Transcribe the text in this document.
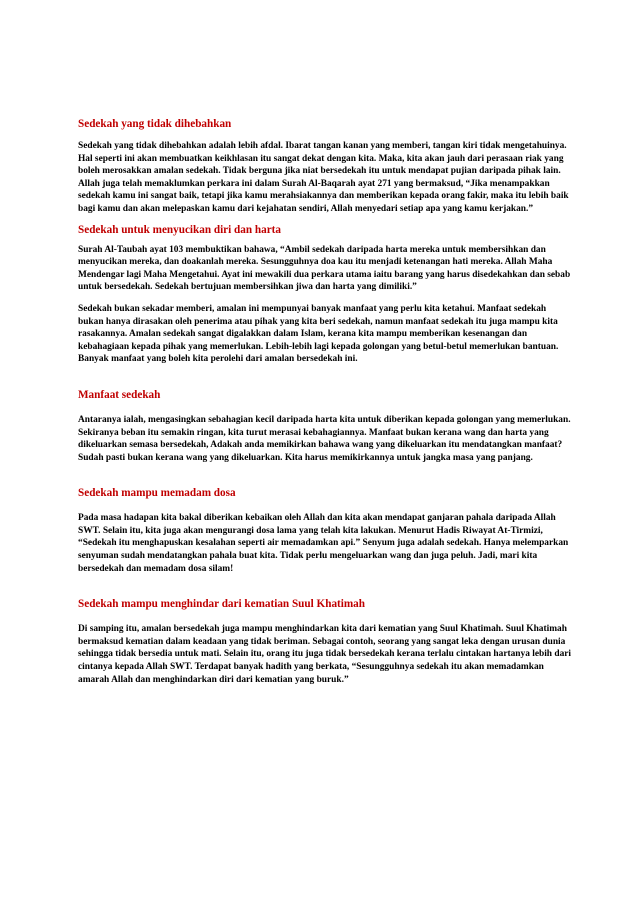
Sedekah yang tidak dihebahkan

Sedekah yang tidak dihebahkan adalah lebih afdal. Ibarat tangan kanan yang memberi, tangan kiri tidak mengetahuinya. Hal seperti ini akan membuatkan keikhlasan itu sangat dekat dengan kita. Maka, kita akan jauh dari perasaan riak yang boleh merosakkan amalan sedekah. Tidak berguna jika niat bersedekah itu untuk mendapat pujian daripada pihak lain. Allah juga telah memaklumkan perkara ini dalam Surah Al-Baqarah ayat 271 yang bermaksud, “Jika menampakkan sedekah kamu ini sangat baik, tetapi jika kamu merahsiakannya dan memberikan kepada orang fakir, maka itu lebih baik bagi kamu dan akan melepaskan kamu dari kejahatan sendiri, Allah menyedari setiap apa yang kamu kerjakan.”

Sedekah untuk menyucikan diri dan harta

Surah Al-Taubah ayat 103 membuktikan bahawa, “Ambil sedekah daripada harta mereka untuk membersihkan dan menyucikan mereka, dan doakanlah mereka. Sesungguhnya doa kau itu menjadi ketenangan hati mereka. Allah Maha Mendengar lagi Maha Mengetahui. Ayat ini mewakili dua perkara utama iaitu barang yang harus disedekahkan dan sebab untuk bersedekah. Sedekah bertujuan membersihkan jiwa dan harta yang dimiliki.”

Sedekah bukan sekadar memberi, amalan ini mempunyai banyak manfaat yang perlu kita ketahui. Manfaat sedekah bukan hanya dirasakan oleh penerima atau pihak yang kita beri sedekah, namun manfaat sedekah itu juga mampu kita rasakannya. Amalan sedekah sangat digalakkan dalam Islam, kerana kita mampu memberikan kesenangan dan kebahagiaan kepada pihak yang memerlukan. Lebih-lebih lagi kepada golongan yang betul-betul memerlukan bantuan. Banyak manfaat yang boleh kita perolehi dari amalan bersedekah ini.

Manfaat sedekah

Antaranya ialah, mengasingkan sebahagian kecil daripada harta kita untuk diberikan kepada golongan yang memerlukan. Sekiranya beban itu semakin ringan, kita turut merasai kebahagiannya. Manfaat bukan kerana wang dan harta yang dikeluarkan semasa bersedekah, Adakah anda memikirkan bahawa wang yang dikeluarkan itu mendatangkan manfaat? Sudah pasti bukan kerana wang yang dikeluarkan. Kita harus memikirkannya untuk jangka masa yang panjang.

Sedekah mampu memadam dosa

Pada masa hadapan kita bakal diberikan kebaikan oleh Allah dan kita akan mendapat ganjaran pahala daripada Allah SWT. Selain itu, kita juga akan mengurangi dosa lama yang telah kita lakukan. Menurut Hadis Riwayat At-Tirmizi, “Sedekah itu menghapuskan kesalahan seperti air memadamkan api.” Senyum juga adalah sedekah. Hanya melemparkan senyuman sudah mendatangkan pahala buat kita. Tidak perlu mengeluarkan wang dan juga peluh. Jadi, mari kita bersedekah dan memadam dosa silam!

Sedekah mampu menghindar dari kematian Suul Khatimah

Di samping itu, amalan bersedekah juga mampu menghindarkan kita dari kematian yang Suul Khatimah. Suul Khatimah bermaksud kematian dalam keadaan yang tidak beriman. Sebagai contoh, seorang yang sangat leka dengan urusan dunia sehingga tidak bersedia untuk mati. Selain itu, orang itu juga tidak bersedekah kerana terlalu cintakan hartanya lebih dari cintanya kepada Allah SWT. Terdapat banyak hadith yang berkata, “Sesungguhnya sedekah itu akan memadamkan amarah Allah dan menghindarkan diri dari kematian yang buruk.”
